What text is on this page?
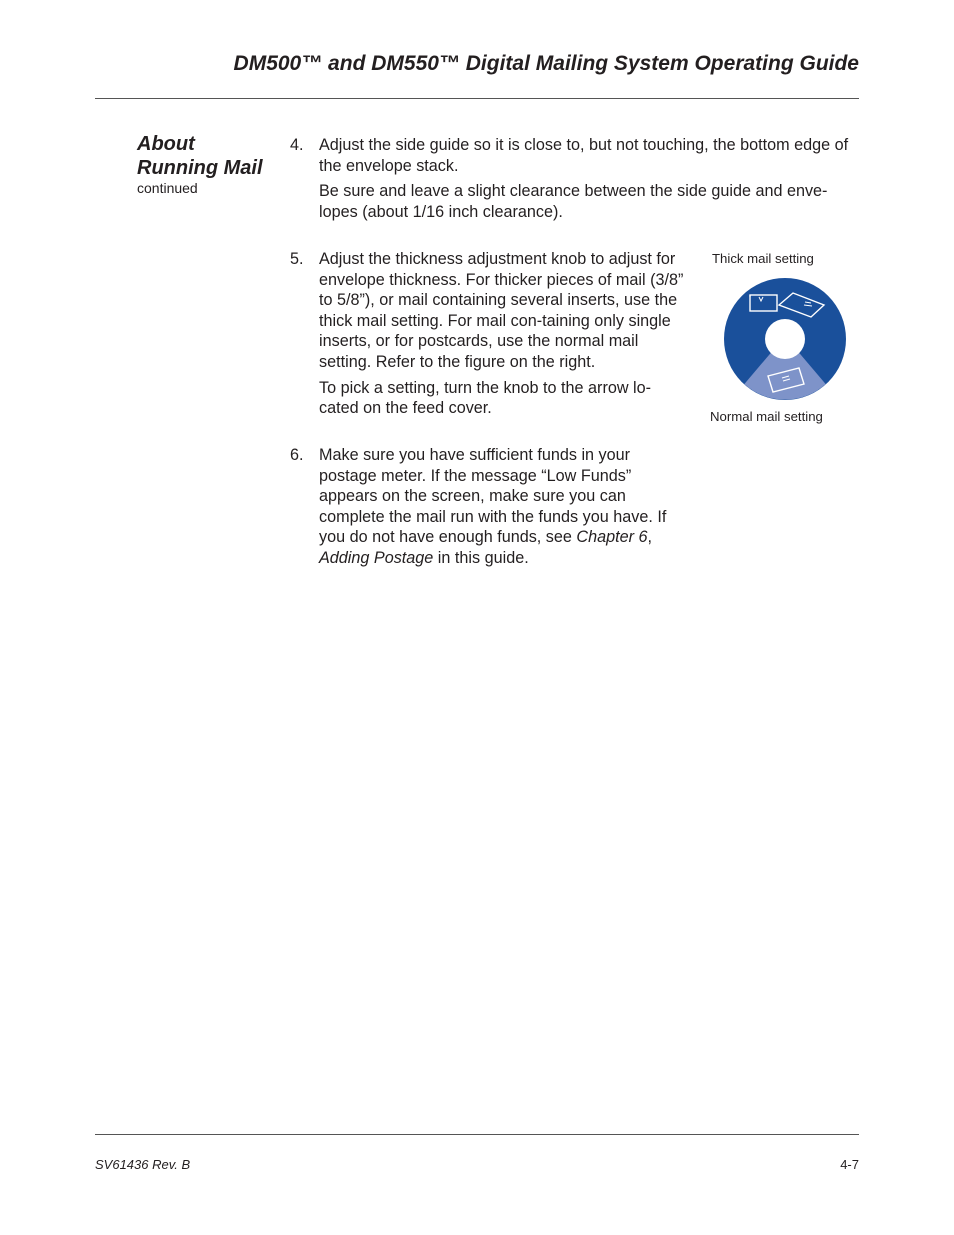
DM500™ and DM550™ Digital Mailing System Operating Guide

About

Running Mail

continued

4. Adjust the side guide so it is close to, but not touching, the bottom edge of the envelope stack.

Be sure and leave a slight clearance between the side guide and enve-lopes (about 1/16 inch clearance).

5. Adjust the thickness adjustment knob to adjust for envelope thickness. For thicker pieces of mail (3/8” to 5/8”), or mail containing several inserts, use the thick mail setting. For mail con-taining only single inserts, or for postcards, use the normal mail setting. Refer to the figure on the right.

To pick a setting, turn the knob to the arrow lo-cated on the feed cover.

6. Make sure you have sufficient funds in your postage meter. If the message “Low Funds” appears on the screen, make sure you can complete the mail run with the funds you have. If you do not have enough funds, see Chapter 6, Adding Postage in this guide.

Thick mail setting
Normal mail setting
SV61436 Rev. B	4-7
